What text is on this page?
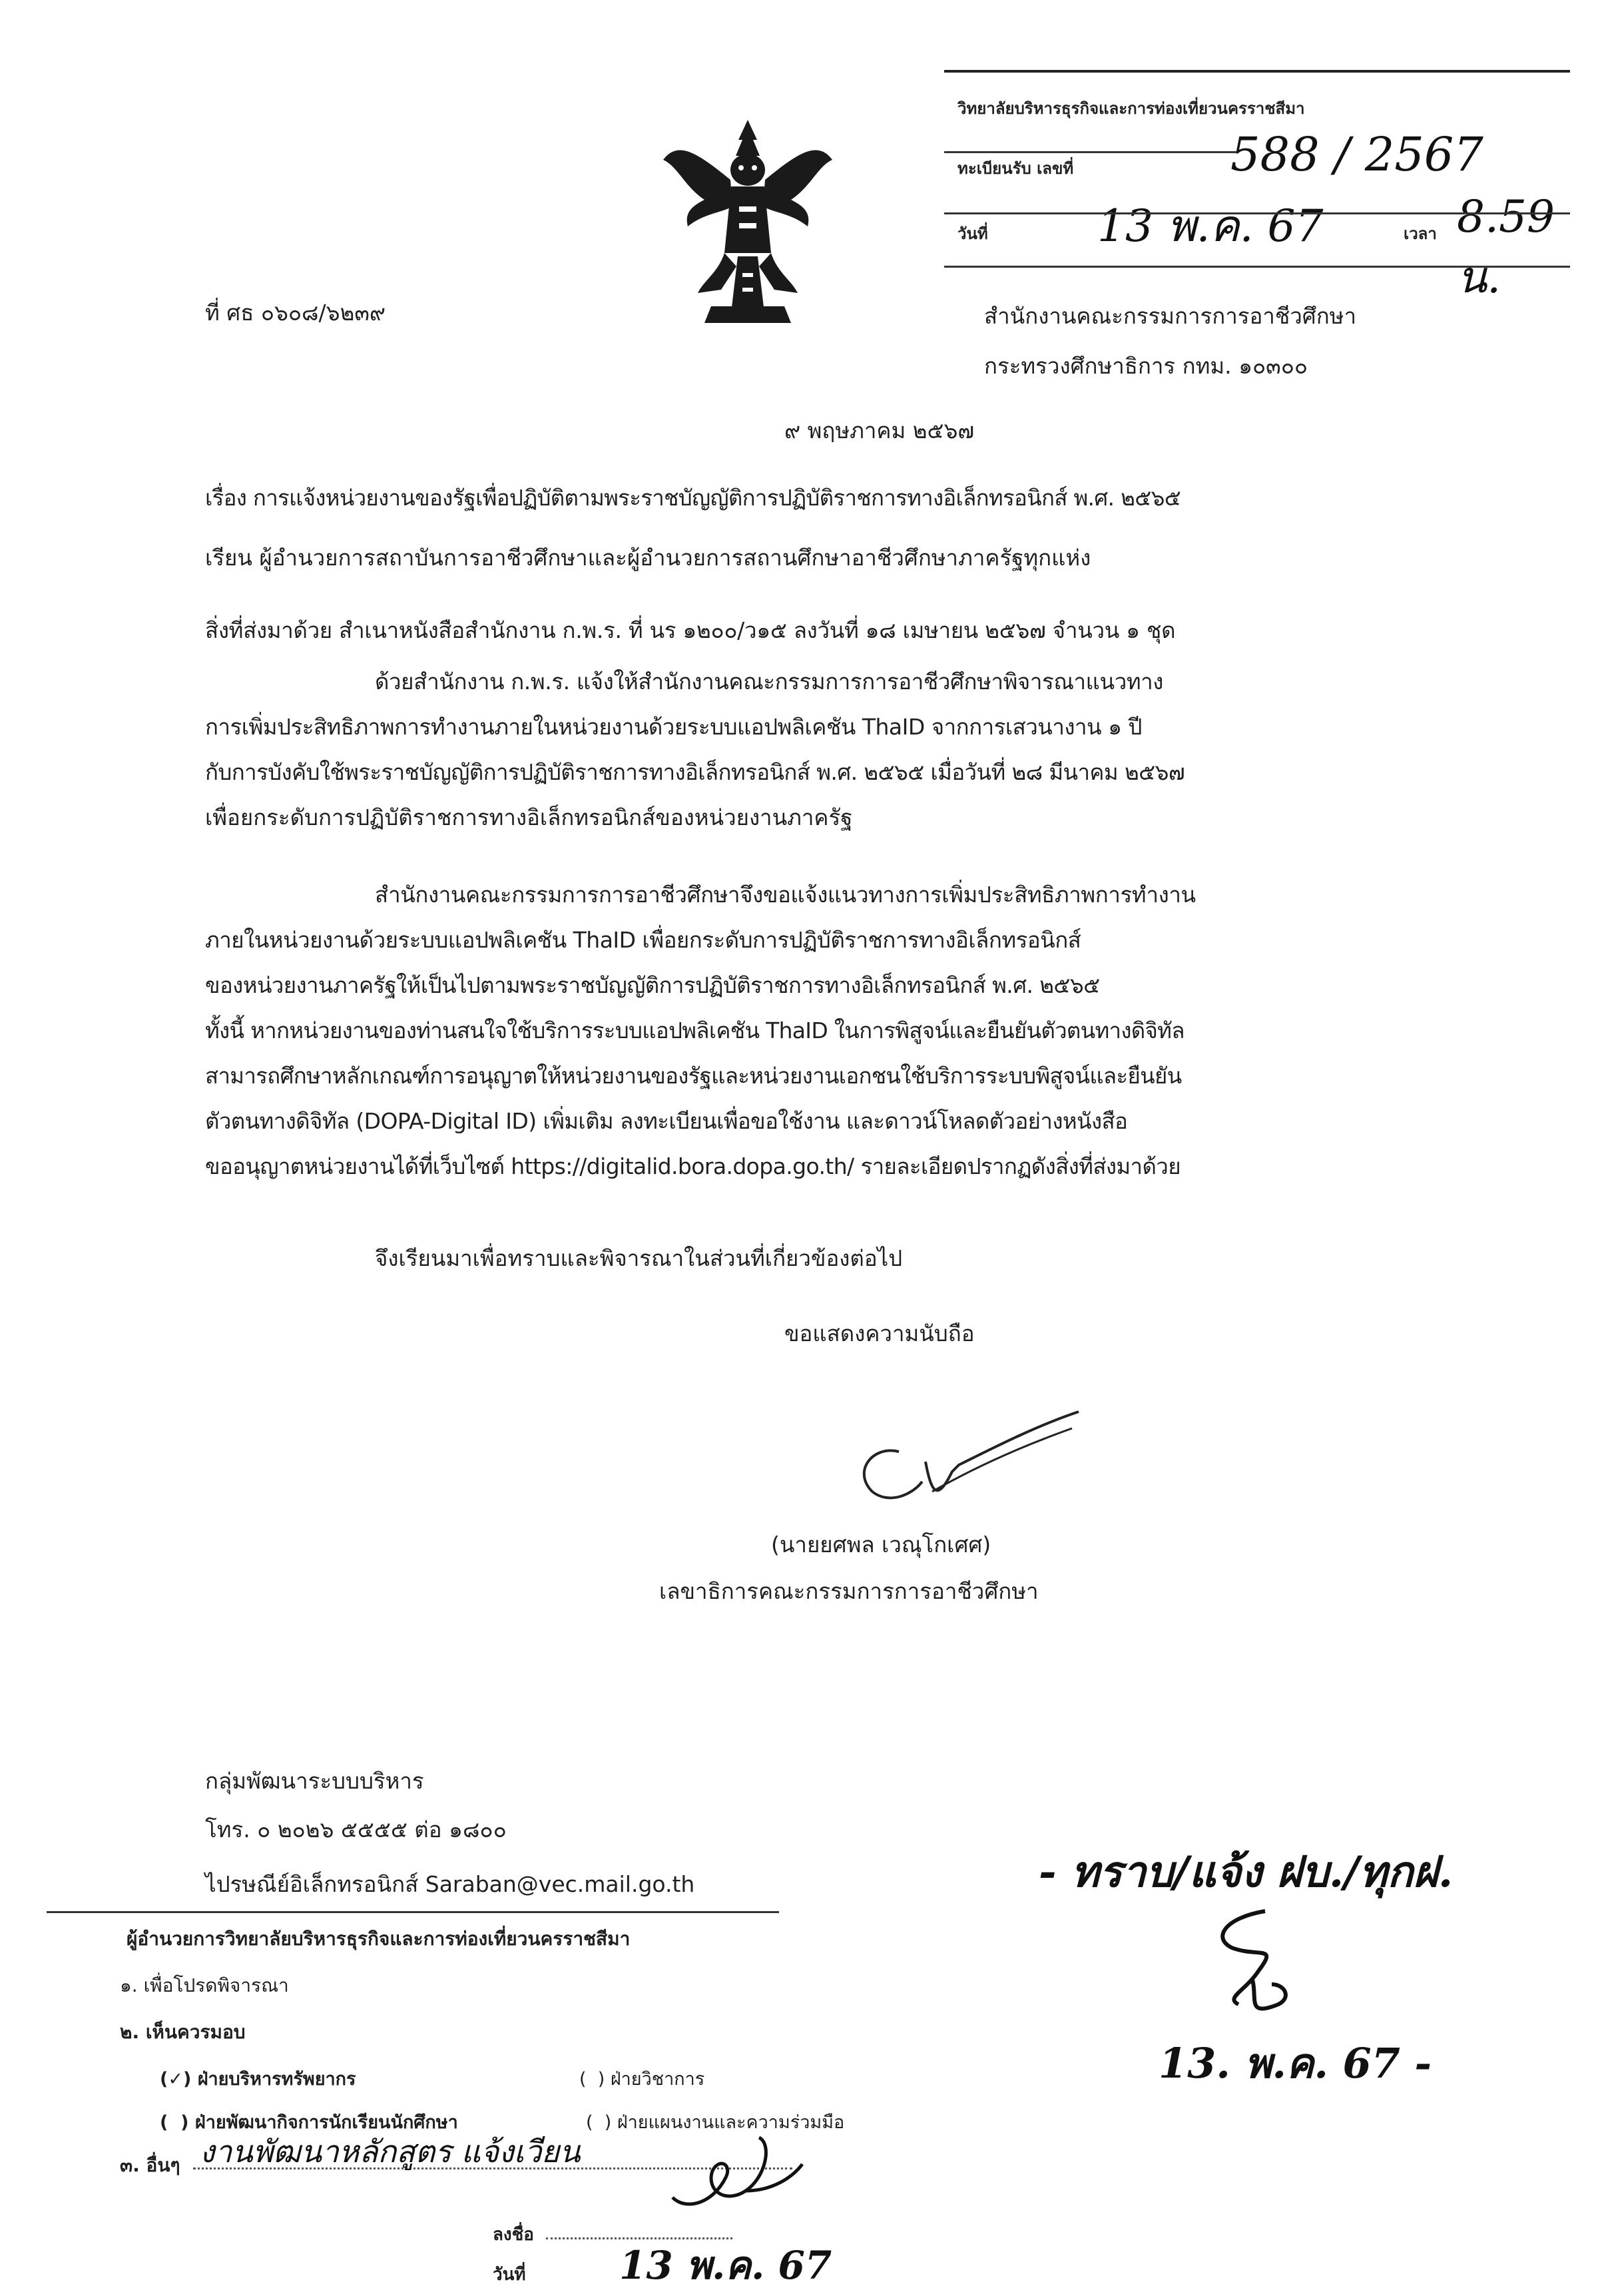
วิทยาลัยบริหารธุรกิจและการท่องเที่ยวนครราชสีมา
ทะเบียนรับ เลขที่	588 / 2567
วันที่ 13 พ.ค. 67	เวลา 8.59 น.
ที่ ศธ ๐๖๐๘/๖๒๓๙	สำนักงานคณะกรรมการการอาชีวศึกษา
กระทรวงศึกษาธิการ กทม. ๑๐๓๐๐
๙ พฤษภาคม ๒๕๖๗
เรื่อง การแจ้งหน่วยงานของรัฐเพื่อปฏิบัติตามพระราชบัญญัติการปฏิบัติราชการทางอิเล็กทรอนิกส์ พ.ศ. ๒๕๖๕
เรียน ผู้อำนวยการสถาบันการอาชีวศึกษาและผู้อำนวยการสถานศึกษาอาชีวศึกษาภาครัฐทุกแห่ง
สิ่งที่ส่งมาด้วย สำเนาหนังสือสำนักงาน ก.พ.ร. ที่ นร ๑๒๐๐/ว๑๕ ลงวันที่ ๑๘ เมษายน ๒๕๖๗ จำนวน ๑ ชุด
ด้วยสำนักงาน ก.พ.ร. แจ้งให้สำนักงานคณะกรรมการการอาชีวศึกษาพิจารณาแนวทาง
การเพิ่มประสิทธิภาพการทำงานภายในหน่วยงานด้วยระบบแอปพลิเคชัน ThaID จากการเสวนางาน ๑ ปี
กับการบังคับใช้พระราชบัญญัติการปฏิบัติราชการทางอิเล็กทรอนิกส์ พ.ศ. ๒๕๖๕ เมื่อวันที่ ๒๘ มีนาคม ๒๕๖๗
เพื่อยกระดับการปฏิบัติราชการทางอิเล็กทรอนิกส์ของหน่วยงานภาครัฐ
สำนักงานคณะกรรมการการอาชีวศึกษาจึงขอแจ้งแนวทางการเพิ่มประสิทธิภาพการทำงาน
ภายในหน่วยงานด้วยระบบแอปพลิเคชัน ThaID เพื่อยกระดับการปฏิบัติราชการทางอิเล็กทรอนิกส์
ของหน่วยงานภาครัฐให้เป็นไปตามพระราชบัญญัติการปฏิบัติราชการทางอิเล็กทรอนิกส์ พ.ศ. ๒๕๖๕
ทั้งนี้ หากหน่วยงานของท่านสนใจใช้บริการระบบแอปพลิเคชัน ThaID ในการพิสูจน์และยืนยันตัวตนทางดิจิทัล
สามารถศึกษาหลักเกณฑ์การอนุญาตให้หน่วยงานของรัฐและหน่วยงานเอกชนใช้บริการระบบพิสูจน์และยืนยัน
ตัวตนทางดิจิทัล (DOPA-Digital ID) เพิ่มเติม ลงทะเบียนเพื่อขอใช้งาน และดาวน์โหลดตัวอย่างหนังสือ
ขออนุญาตหน่วยงานได้ที่เว็บไซต์ https://digitalid.bora.dopa.go.th/ รายละเอียดปรากฏดังสิ่งที่ส่งมาด้วย
จึงเรียนมาเพื่อทราบและพิจารณาในส่วนที่เกี่ยวข้องต่อไป
ขอแสดงความนับถือ
(นายยศพล เวณุโกเศศ)
เลขาธิการคณะกรรมการการอาชีวศึกษา
กลุ่มพัฒนาระบบบริหาร
โทร. ๐ ๒๐๒๖ ๕๕๕๕ ต่อ ๑๘๐๐
ไปรษณีย์อิเล็กทรอนิกส์ Saraban@vec.mail.go.th
ผู้อำนวยการวิทยาลัยบริหารธุรกิจและการท่องเที่ยวนครราชสีมา
๑. เพื่อโปรดพิจารณา
๒. เห็นควรมอบ
(✓) ฝ่ายบริหารทรัพยากร	(  ) ฝ่ายวิชาการ
(  ) ฝ่ายพัฒนากิจการนักเรียนนักศึกษา	(  ) ฝ่ายแผนงานและความร่วมมือ
๓. อื่นๆ งานพัฒนาหลักสูตร แจ้งเวียน
ลงชื่อ
วันที่ 13 พ.ค. 67
- ทราบ/แจ้ง ฝบ./ทุกฝ.
13. พ.ค. 67 -
